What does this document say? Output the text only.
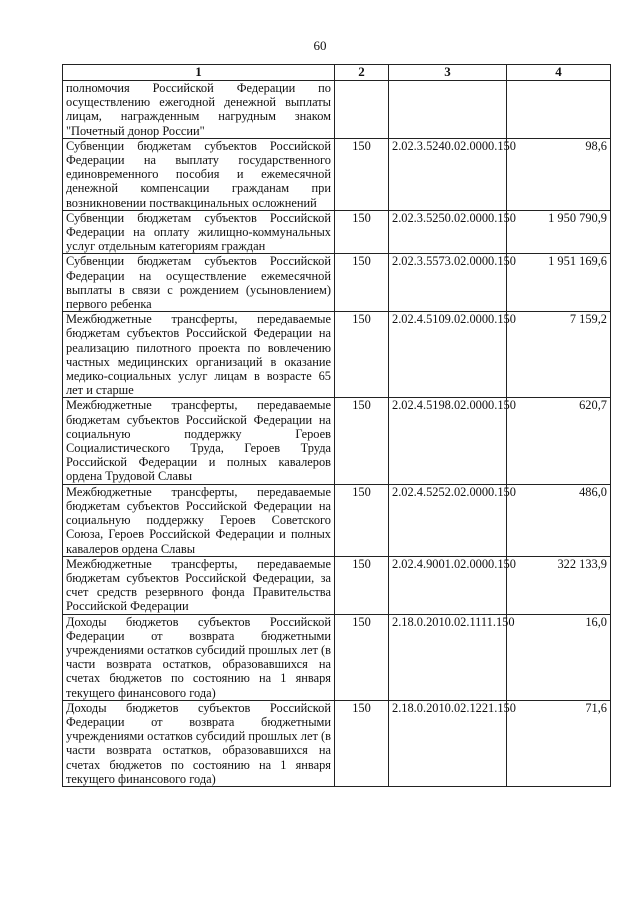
60
1	2	3	4
полномочия Российской Федерации по осуществлению ежегодной денежной выплаты лицам, награжденным нагрудным знаком "Почетный донор России"			
Субвенции бюджетам субъектов Российской Федерации на выплату государственного единовременного пособия и ежемесячной денежной компенсации гражданам при возникновении поствакцинальных осложнений	150	2.02.3.5240.02.0000.150	98,6
Субвенции бюджетам субъектов Российской Федерации на оплату жилищно-коммунальных услуг отдельным категориям граждан	150	2.02.3.5250.02.0000.150	1 950 790,9
Субвенции бюджетам субъектов Российской Федерации на осуществление ежемесячной выплаты в связи с рождением (усыновлением) первого ребенка	150	2.02.3.5573.02.0000.150	1 951 169,6
Межбюджетные трансферты, передаваемые бюджетам субъектов Российской Федерации на реализацию пилотного проекта по вовлечению частных медицинских организаций в оказание медико-социальных услуг лицам в возрасте 65 лет и старше	150	2.02.4.5109.02.0000.150	7 159,2
Межбюджетные трансферты, передаваемые бюджетам субъектов Российской Федерации на социальную поддержку Героев Социалистического Труда, Героев Труда Российской Федерации и полных кавалеров ордена Трудовой Славы	150	2.02.4.5198.02.0000.150	620,7
Межбюджетные трансферты, передаваемые бюджетам субъектов Российской Федерации на социальную поддержку Героев Советского Союза, Героев Российской Федерации и полных кавалеров ордена Славы	150	2.02.4.5252.02.0000.150	486,0
Межбюджетные трансферты, передаваемые бюджетам субъектов Российской Федерации, за счет средств резервного фонда Правительства Российской Федерации	150	2.02.4.9001.02.0000.150	322 133,9
Доходы бюджетов субъектов Российской Федерации от возврата бюджетными учреждениями остатков субсидий прошлых лет (в части возврата остатков, образовавшихся на счетах бюджетов по состоянию на 1 января текущего финансового года)	150	2.18.0.2010.02.1111.150	16,0
Доходы бюджетов субъектов Российской Федерации от возврата бюджетными учреждениями остатков субсидий прошлых лет (в части возврата остатков, образовавшихся на счетах бюджетов по состоянию на 1 января текущего финансового года)	150	2.18.0.2010.02.1221.150	71,6
